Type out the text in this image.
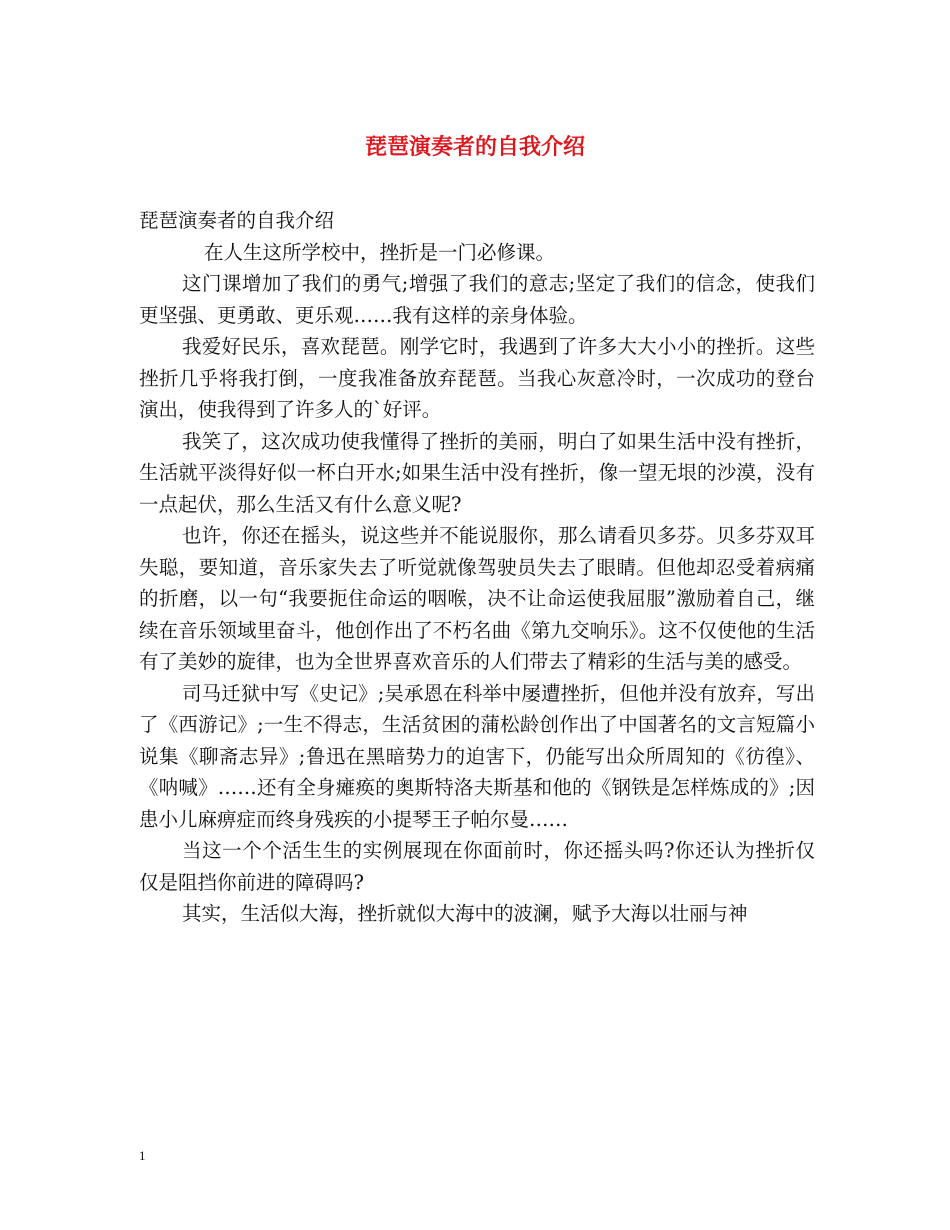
琵琶演奏者的自我介绍

琵琶演奏者的自我介绍

在人生这所学校中，挫折是一门必修课。

这门课增加了我们的勇气;增强了我们的意志;坚定了我们的信念，使我们更坚强、更勇敢、更乐观……我有这样的亲身体验。

我爱好民乐，喜欢琵琶。刚学它时，我遇到了许多大大小小的挫折。这些挫折几乎将我打倒，一度我准备放弃琵琶。当我心灰意冷时，一次成功的登台演出，使我得到了许多人的`好评。

我笑了，这次成功使我懂得了挫折的美丽，明白了如果生活中没有挫折，生活就平淡得好似一杯白开水;如果生活中没有挫折，像一望无垠的沙漠，没有一点起伏，那么生活又有什么意义呢?

也许，你还在摇头，说这些并不能说服你，那么请看贝多芬。贝多芬双耳失聪，要知道，音乐家失去了听觉就像驾驶员失去了眼睛。但他却忍受着病痛的折磨，以一句“我要扼住命运的咽喉，决不让命运使我屈服”激励着自己，继续在音乐领域里奋斗，他创作出了不朽名曲《第九交响乐》。这不仅使他的生活有了美妙的旋律，也为全世界喜欢音乐的人们带去了精彩的生活与美的感受。

司马迁狱中写《史记》;吴承恩在科举中屡遭挫折，但他并没有放弃，写出了《西游记》;一生不得志，生活贫困的蒲松龄创作出了中国著名的文言短篇小说集《聊斋志异》;鲁迅在黑暗势力的迫害下，仍能写出众所周知的《彷徨》、《呐喊》……还有全身瘫痪的奥斯特洛夫斯基和他的《钢铁是怎样炼成的》;因患小儿麻痹症而终身残疾的小提琴王子帕尔曼……

当这一个个活生生的实例展现在你面前时，你还摇头吗?你还认为挫折仅仅是阻挡你前进的障碍吗?

其实，生活似大海，挫折就似大海中的波澜，赋予大海以壮丽与神

1
